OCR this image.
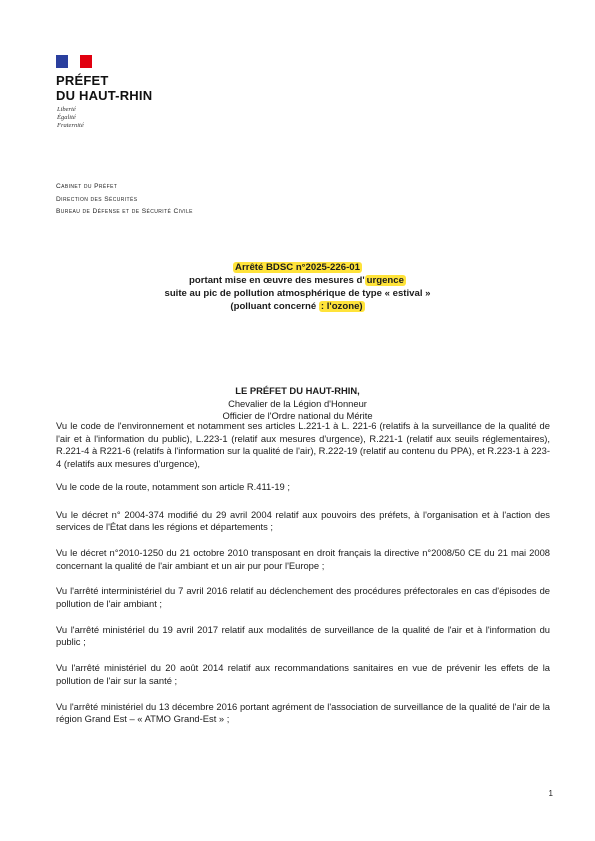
PRÉFET
DU HAUT-RHIN
Liberté
Égalité
Fraternité
Cabinet du Préfet
Direction des Sécurités
Bureau de Défense et de Sécurité Civile
Arrêté BDSC n°2025-226-01
portant mise en œuvre des mesures d' urgence
suite au pic de pollution atmosphérique de type « estival »
(polluant concerné : l'ozone)
LE PRÉFET DU HAUT-RHIN,
Chevalier de la Légion d'Honneur
Officier de l'Ordre national du Mérite

Vu le code de l'environnement et notamment ses articles L.221-1 à L. 221-6 (relatifs à la surveillance de la qualité de l'air et à l'information du public), L.223-1 (relatif aux mesures d'urgence), R.221-1 (relatif aux seuils réglementaires), R.221-4 à R221-6 (relatifs à l'information sur la qualité de l'air), R.222-19 (relatif au contenu du PPA), et R.223-1 à 223-4 (relatifs aux mesures d'urgence),

Vu le code de la route, notamment son article R.411-19 ;

Vu le décret n° 2004-374 modifié du 29 avril 2004 relatif aux pouvoirs des préfets, à l'organisation et à l'action des services de l'État dans les régions et départements ;

Vu le décret n°2010-1250 du 21 octobre 2010 transposant en droit français la directive n°2008/50 CE du 21 mai 2008 concernant la qualité de l'air ambiant et un air pur pour l'Europe ;

Vu l'arrêté interministériel du 7 avril 2016 relatif au déclenchement des procédures préfectorales en cas d'épisodes de pollution de l'air ambiant ;

Vu l'arrêté ministériel du 19 avril 2017 relatif aux modalités de surveillance de la qualité de l'air et à l'information du public ;

Vu l'arrêté ministériel du 20 août 2014 relatif aux recommandations sanitaires en vue de prévenir les effets de la pollution de l'air sur la santé ;

Vu l'arrêté ministériel du 13 décembre 2016 portant agrément de l'association de surveillance de la qualité de l'air de la région Grand Est – « ATMO Grand-Est » ;

1
